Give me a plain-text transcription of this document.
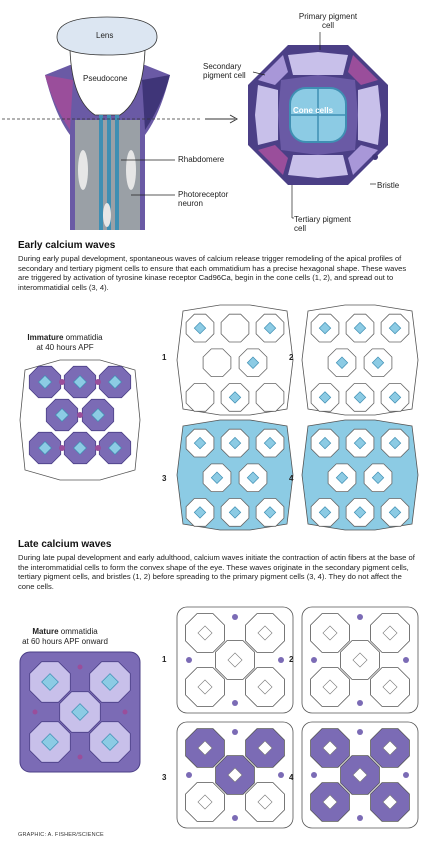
Lens
Pseudocone
Rhabdomere
Photoreceptor neuron
Primary pigment cell
Secondary pigment cell
Cone cells
Bristle
Tertiary pigment cell
Early calcium waves
During early pupal development, spontaneous waves of calcium release trigger remodeling of the apical profiles of secondary and tertiary pigment cells to ensure that each ommatidium has a precise hexagonal shape. These waves are triggered by activation of tyrosine kinase receptor Cad96Ca, begin in the cone cells (1, 2), and spread out to interommatidial cells (3, 4).
Immature ommatidia
at 40 hours APF
1	2
3	4
Late calcium waves
During late pupal development and early adulthood, calcium waves initiate the contraction of actin fibers at the base of the interommatidial cells to form the convex shape of the eye. These waves originate in the secondary pigment cells, tertiary pigment cells, and bristles (1, 2) before spreading to the primary pigment cells (3, 4). They do not affect the cone cells.
Mature ommatidia
at 60 hours APF onward
1	2
3	4
GRAPHIC: A. FISHER/SCIENCE
